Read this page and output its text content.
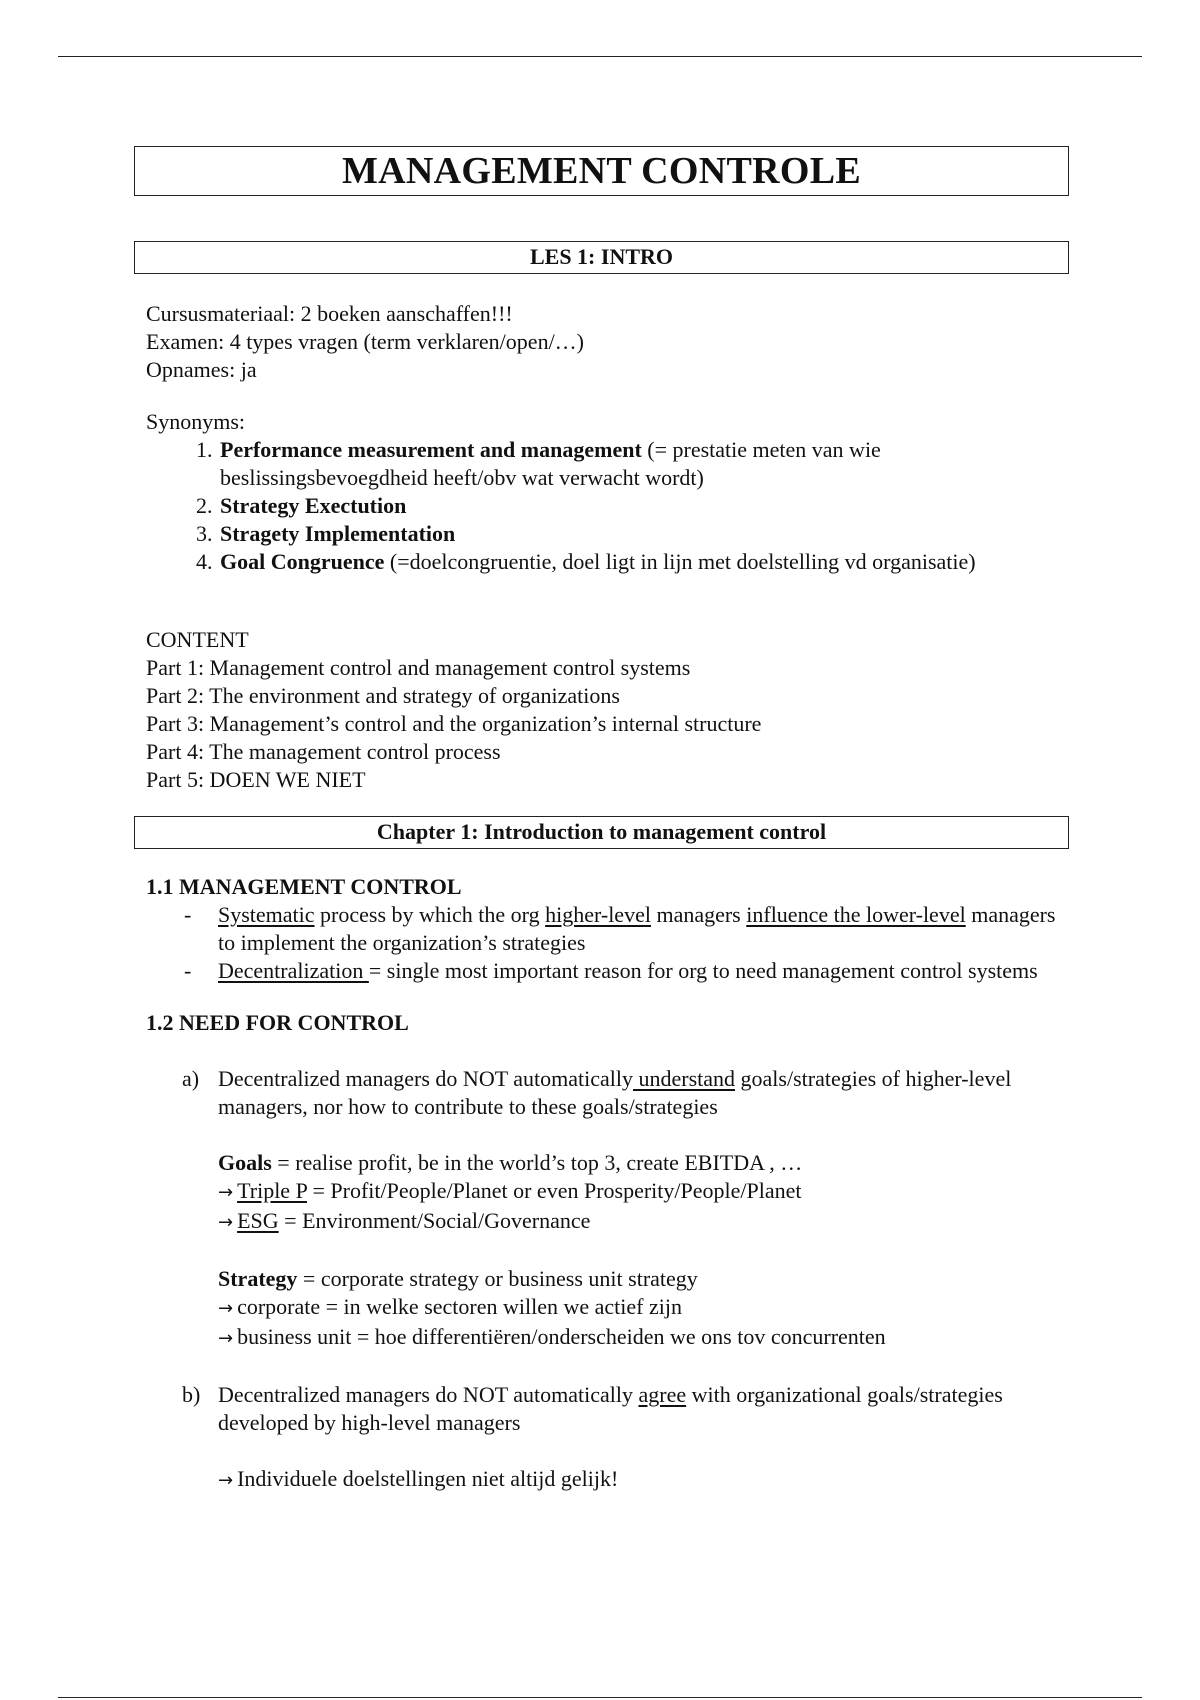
MANAGEMENT CONTROLE
LES 1: INTRO

Cursusmateriaal: 2 boeken aanschaffen!!!

Examen: 4 types vragen (term verklaren/open/…)

Opnames: ja

Synonyms:

1. Performance measurement and management (= prestatie meten van wie beslissingsbevoegdheid heeft/obv wat verwacht wordt)
2. Strategy Exectution
3. Stragety Implementation
4. Goal Congruence (=doelcongruentie, doel ligt in lijn met doelstelling vd organisatie)

CONTENT

Part 1: Management control and management control systems

Part 2: The environment and strategy of organizations

Part 3: Management’s control and the organization’s internal structure

Part 4: The management control process

Part 5: DOEN WE NIET

Chapter 1: Introduction to management control
1.1 MANAGEMENT CONTROL
- Systematic process by which the org higher-level managers influence the lower-level managers to implement the organization’s strategies
- Decentralization = single most important reason for org to need management control systems
1.2 NEED FOR CONTROL
a) Decentralized managers do NOT automatically understand goals/strategies of higher-level managers, nor how to contribute to these goals/strategies

Goals = realise profit, be in the world’s top 3, create EBITDA , …

→ Triple P = Profit/People/Planet or even Prosperity/People/Planet

→ ESG = Environment/Social/Governance

Strategy = corporate strategy or business unit strategy

→ corporate = in welke sectoren willen we actief zijn

→ business unit = hoe differentiëren/onderscheiden we ons tov concurrenten

b) Decentralized managers do NOT automatically agree with organizational goals/strategies developed by high-level managers

→ Individuele doelstellingen niet altijd gelijk!
